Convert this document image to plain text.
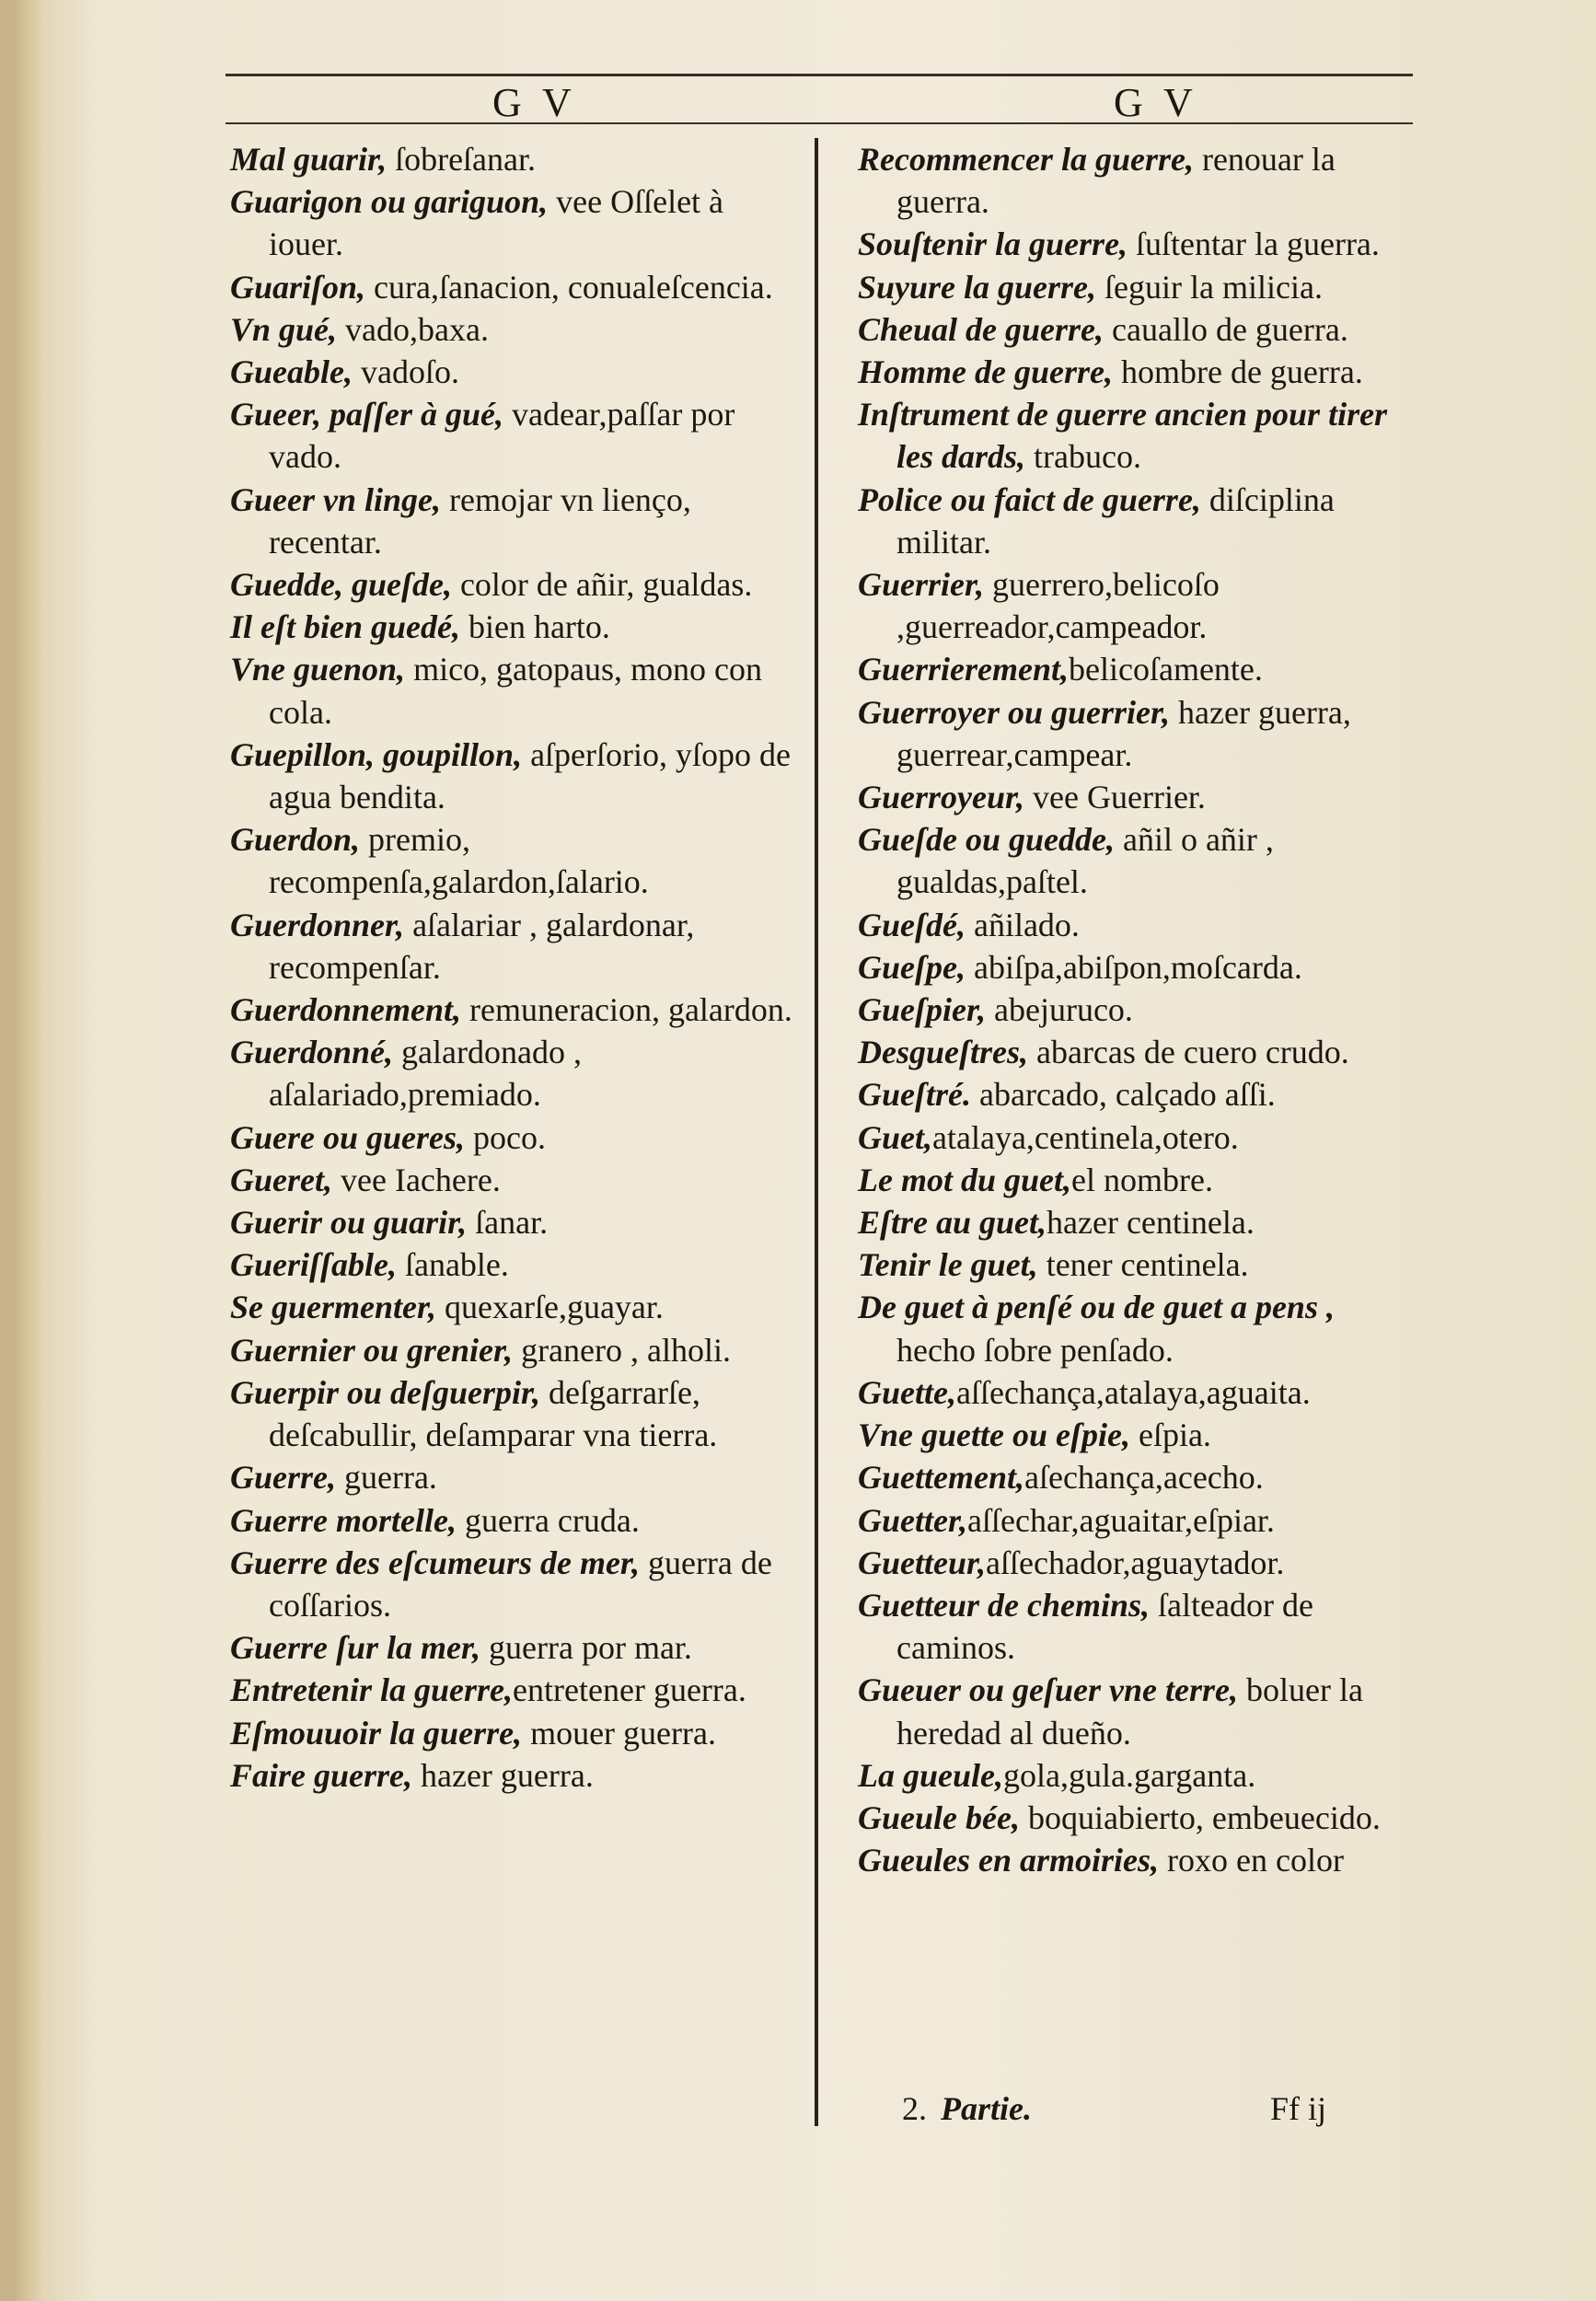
G V	G V

Mal guarir, ſobreſanar.

Guarigon ou gariguon, vee Oſſelet à iouer.

Guariſon, cura,ſanacion, conualeſcencia.

Vn gué, vado,baxa.

Gueable, vadoſo.

Gueer, paſſer à gué, vadear,paſſar por vado.

Gueer vn linge, remojar vn lienço, recentar.

Guedde, gueſde, color de añir, gualdas.

Il eſt bien guedé, bien harto.

Vne guenon, mico, gatopaus, mono con cola.

Guepillon, goupillon, aſperſorio, yſopo de agua bendita.

Guerdon, premio, recompenſa,galardon,ſalario.

Guerdonner, aſalariar , galardonar, recompenſar.

Guerdonnement, remuneracion, galardon.

Guerdonné, galardonado , aſalariado,premiado.

Guere ou gueres, poco.

Gueret, vee Iachere.

Guerir ou guarir, ſanar.

Gueriſſable, ſanable.

Se guermenter, quexarſe,guayar.

Guernier ou grenier, granero , alholi.

Guerpir ou deſguerpir, deſgarrarſe, deſcabullir, deſamparar vna tierra.

Guerre, guerra.

Guerre mortelle, guerra cruda.

Guerre des eſcumeurs de mer, guerra de coſſarios.

Guerre ſur la mer, guerra por mar.

Entretenir la guerre,entretener guerra.

Eſmouuoir la guerre, mouer guerra.

Faire guerre, hazer guerra.

Recommencer la guerre, renouar la guerra.

Souſtenir la guerre, ſuſtentar la guerra.

Suyure la guerre, ſeguir la milicia.

Cheual de guerre, cauallo de guerra.

Homme de guerre, hombre de guerra.

Inſtrument de guerre ancien pour tirer les dards, trabuco.

Police ou faict de guerre, diſciplina militar.

Guerrier, guerrero,belicoſo ,guerreador,campeador.

Guerrierement,belicoſamente.

Guerroyer ou guerrier, hazer guerra, guerrear,campear.

Guerroyeur, vee Guerrier.

Gueſde ou guedde, añil o añir , gualdas,paſtel.

Gueſdé, añilado.

Gueſpe, abiſpa,abiſpon,moſcarda.

Gueſpier, abejuruco.

Desgueſtres, abarcas de cuero crudo.

Gueſtré. abarcado, calçado aſſi.

Guet,atalaya,centinela,otero.

Le mot du guet,el nombre.

Eſtre au guet,hazer centinela.

Tenir le guet, tener centinela.

De guet à penſé ou de guet a pens , hecho ſobre penſado.

Guette,aſſechança,atalaya,aguaita.

Vne guette ou eſpie, eſpia.

Guettement,aſechança,acecho.

Guetter,aſſechar,aguaitar,eſpiar.

Guetteur,aſſechador,aguaytador.

Guetteur de chemins, ſalteador de caminos.

Gueuer ou geſuer vne terre, boluer la heredad al dueño.

La gueule,gola,gula.garganta.

Gueule bée, boquiabierto, embeuecido.

Gueules en armoiries, roxo en color

2. Partie.	Ff ij
